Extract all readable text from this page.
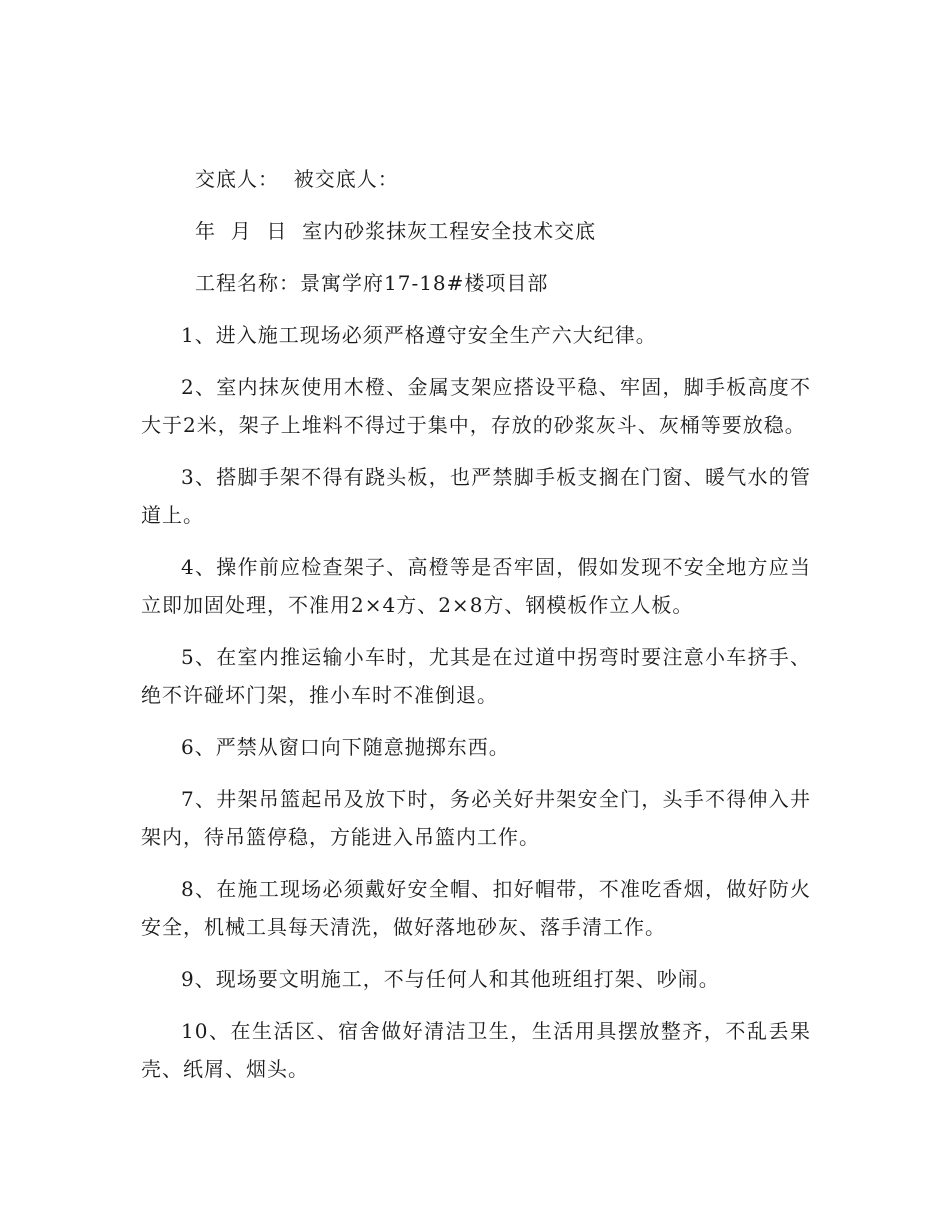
交底人：  被交底人：

年  月  日  室内砂浆抹灰工程安全技术交底

工程名称：景寓学府17-18#楼项目部

1、进入施工现场必须严格遵守安全生产六大纪律。

2、室内抹灰使用木橙、金属支架应搭设平稳、牢固，脚手板高度不大于2米，架子上堆料不得过于集中，存放的砂浆灰斗、灰桶等要放稳。

3、搭脚手架不得有跷头板，也严禁脚手板支搁在门窗、暖气水的管道上。

4、操作前应检查架子、高橙等是否牢固，假如发现不安全地方应当立即加固处理，不准用2×4方、2×8方、钢模板作立人板。

5、在室内推运输小车时，尤其是在过道中拐弯时要注意小车挤手、绝不许碰坏门架，推小车时不准倒退。

6、严禁从窗口向下随意抛掷东西。

7、井架吊篮起吊及放下时，务必关好井架安全门，头手不得伸入井架内，待吊篮停稳，方能进入吊篮内工作。

8、在施工现场必须戴好安全帽、扣好帽带，不准吃香烟，做好防火安全，机械工具每天清洗，做好落地砂灰、落手清工作。

9、现场要文明施工，不与任何人和其他班组打架、吵闹。

10、在生活区、宿舍做好清洁卫生，生活用具摆放整齐，不乱丢果壳、纸屑、烟头。
